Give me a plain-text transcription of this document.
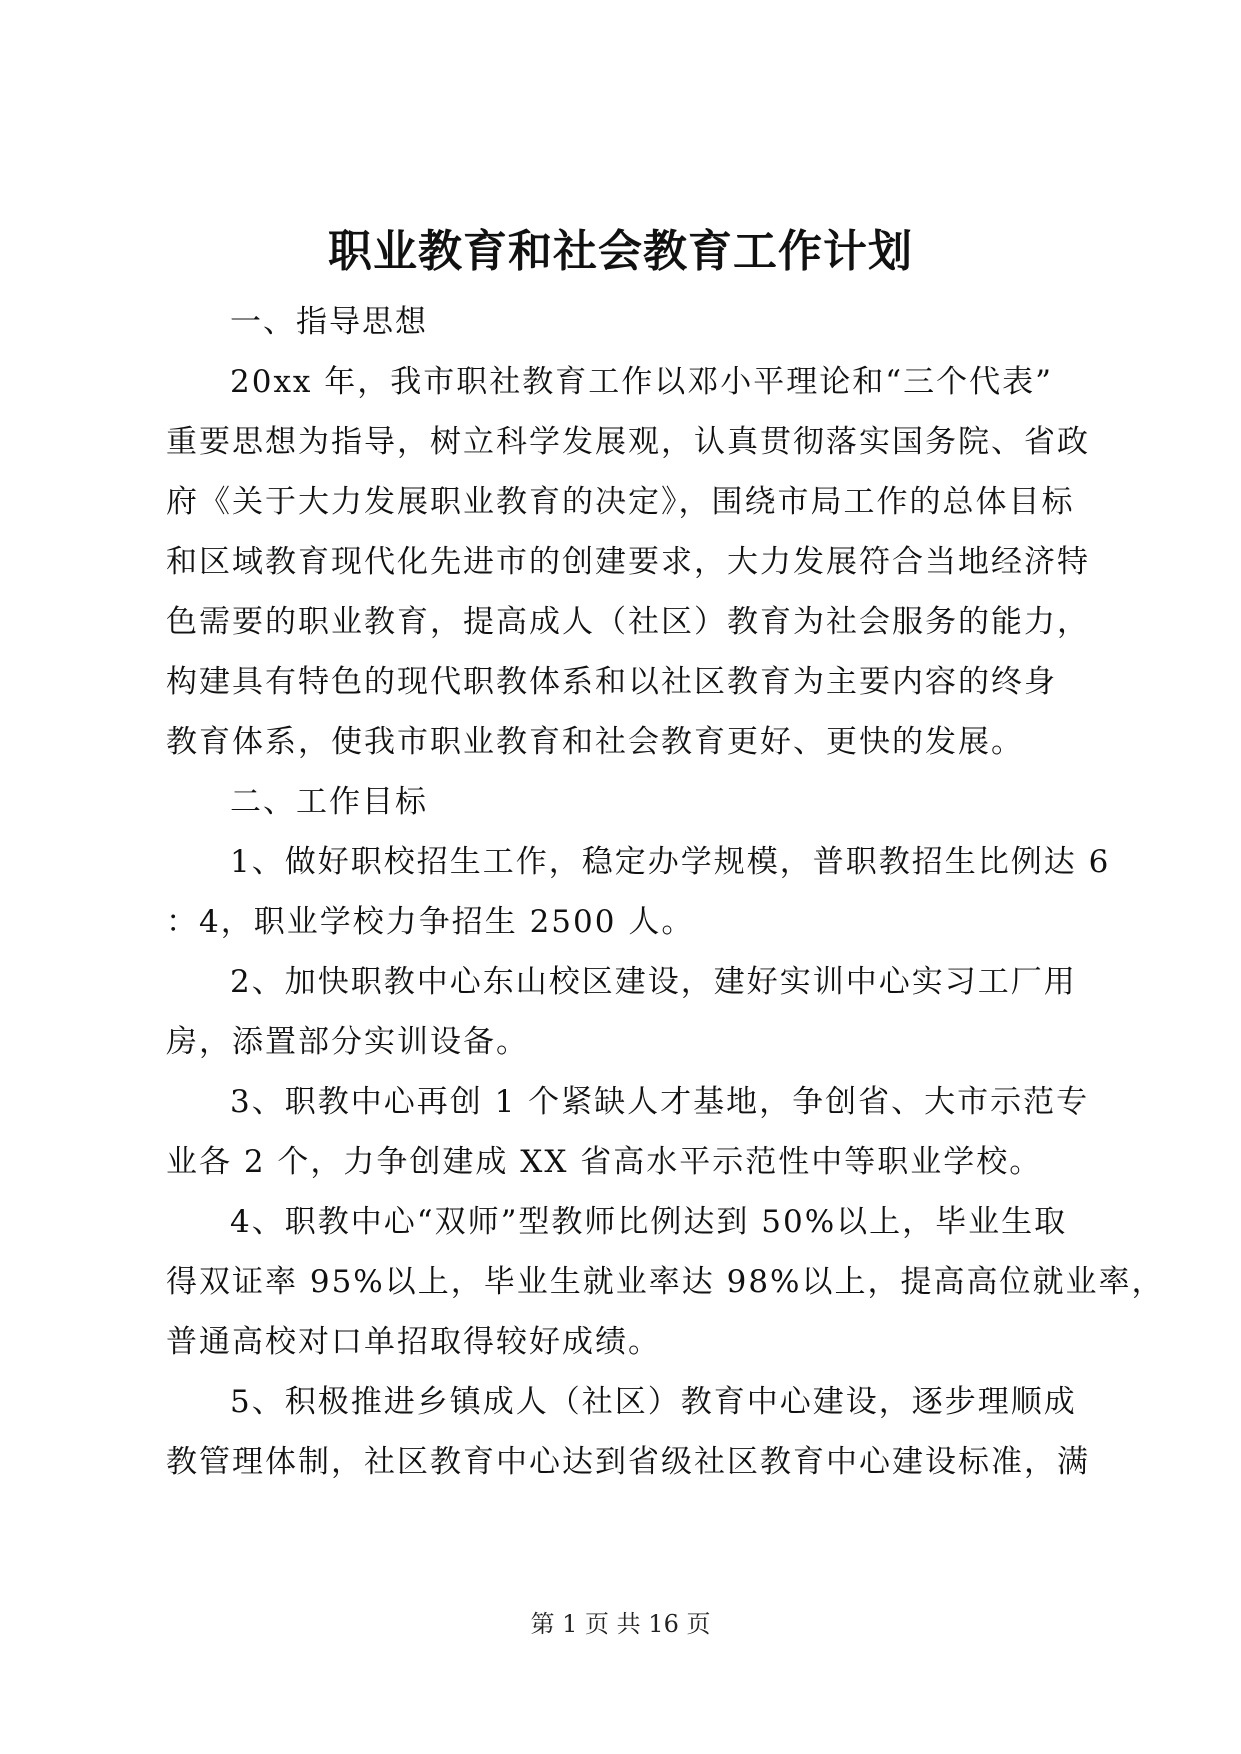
职业教育和社会教育工作计划
一、指导思想
20xx 年，我市职社教育工作以邓小平理论和“三个代表”
重要思想为指导，树立科学发展观，认真贯彻落实国务院、省政
府《关于大力发展职业教育的决定》，围绕市局工作的总体目标
和区域教育现代化先进市的创建要求，大力发展符合当地经济特
色需要的职业教育，提高成人（社区）教育为社会服务的能力，
构建具有特色的现代职教体系和以社区教育为主要内容的终身
教育体系，使我市职业教育和社会教育更好、更快的发展。
二、工作目标
1、做好职校招生工作，稳定办学规模，普职教招生比例达 6
：4，职业学校力争招生 2500 人。
2、加快职教中心东山校区建设，建好实训中心实习工厂用
房，添置部分实训设备。
3、职教中心再创 1 个紧缺人才基地，争创省、大市示范专
业各 2 个，力争创建成 XX 省高水平示范性中等职业学校。
4、职教中心“双师”型教师比例达到 50%以上，毕业生取
得双证率 95%以上，毕业生就业率达 98%以上，提高高位就业率，
普通高校对口单招取得较好成绩。
5、积极推进乡镇成人（社区）教育中心建设，逐步理顺成
教管理体制，社区教育中心达到省级社区教育中心建设标准，满
第 1 页 共 16 页
